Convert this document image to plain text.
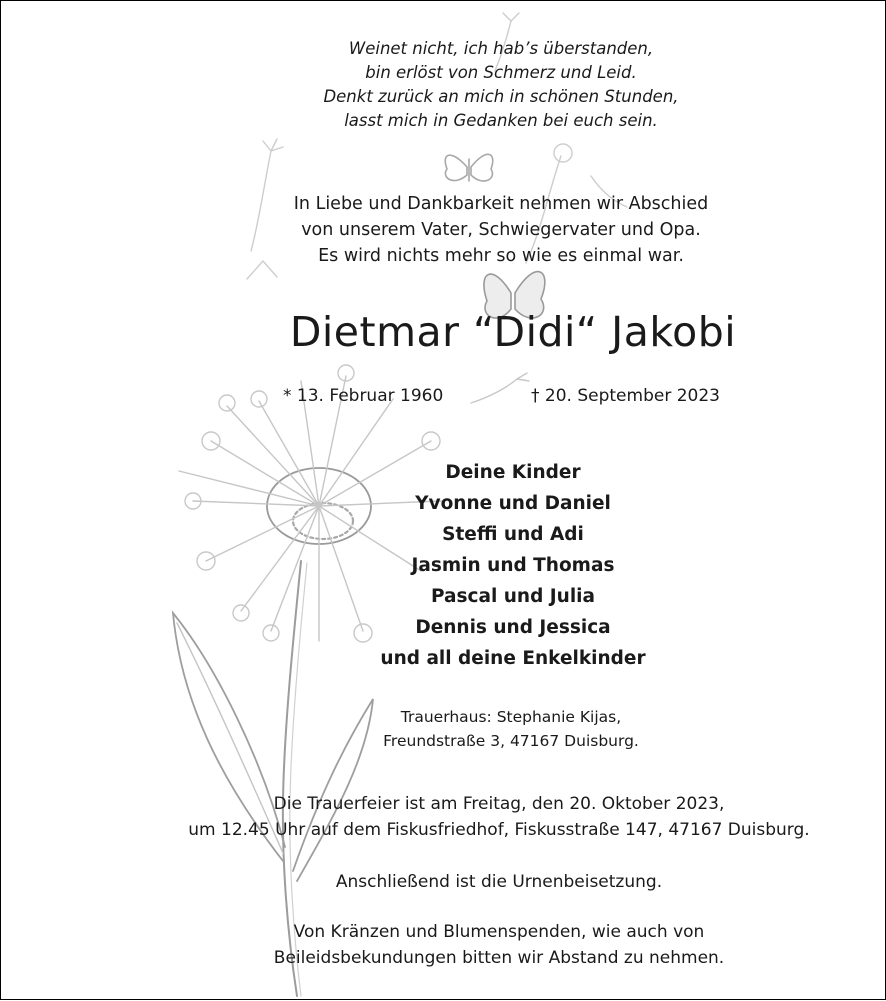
Weinet nicht, ich hab’s überstanden,
bin erlöst von Schmerz und Leid.
Denkt zurück an mich in schönen Stunden,
lasst mich in Gedanken bei euch sein.
In Liebe und Dankbarkeit nehmen wir Abschied
von unserem Vater, Schwiegervater und Opa.
Es wird nichts mehr so wie es einmal war.
Dietmar “Didi“ Jakobi
* 13. Februar 1960	† 20. September 2023
Deine Kinder
Yvonne und Daniel
Steffi und Adi
Jasmin und Thomas
Pascal und Julia
Dennis und Jessica
und all deine Enkelkinder
Trauerhaus: Stephanie Kijas,
Freundstraße 3, 47167 Duisburg.
Die Trauerfeier ist am Freitag, den 20. Oktober 2023,
um 12.45 Uhr auf dem Fiskusfriedhof, Fiskusstraße 147, 47167 Duisburg.
Anschließend ist die Urnenbeisetzung.
Von Kränzen und Blumenspenden, wie auch von
Beileidsbekundungen bitten wir Abstand zu nehmen.
